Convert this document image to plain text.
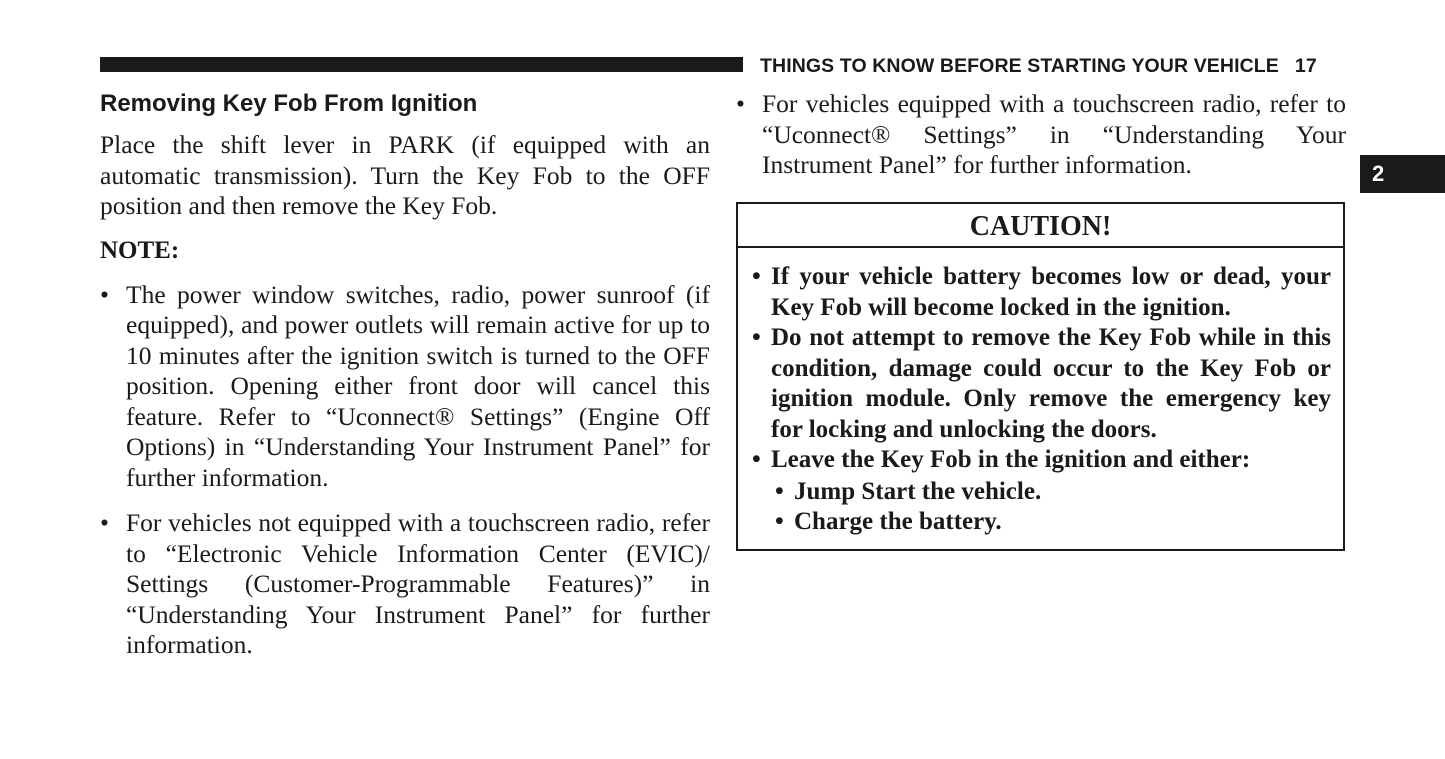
THINGS TO KNOW BEFORE STARTING YOUR VEHICLE 17
2
Removing Key Fob From Ignition

Place the shift lever in PARK (if equipped with an automatic transmission). Turn the Key Fob to the OFF position and then remove the Key Fob.

NOTE:
• The power window switches, radio, power sunroof (if equipped), and power outlets will remain active for up to 10 minutes after the ignition switch is turned to the OFF position. Opening either front door will cancel this feature. Refer to “Uconnect® Settings” (Engine Off Options) in “Understanding Your Instrument Panel” for further information.
• For vehicles not equipped with a touchscreen radio, refer to “Electronic Vehicle Information Center (EVIC)/ Settings (Customer-Programmable Features)” in “Understanding Your Instrument Panel” for further information.

• For vehicles equipped with a touchscreen radio, refer to “Uconnect® Settings” in “Understanding Your Instrument Panel” for further information.

CAUTION!
• If your vehicle battery becomes low or dead, your Key Fob will become locked in the ignition.
• Do not attempt to remove the Key Fob while in this condition, damage could occur to the Key Fob or ignition module. Only remove the emergency key for locking and unlocking the doors.
• Leave the Key Fob in the ignition and either:
• Jump Start the vehicle.
• Charge the battery.
